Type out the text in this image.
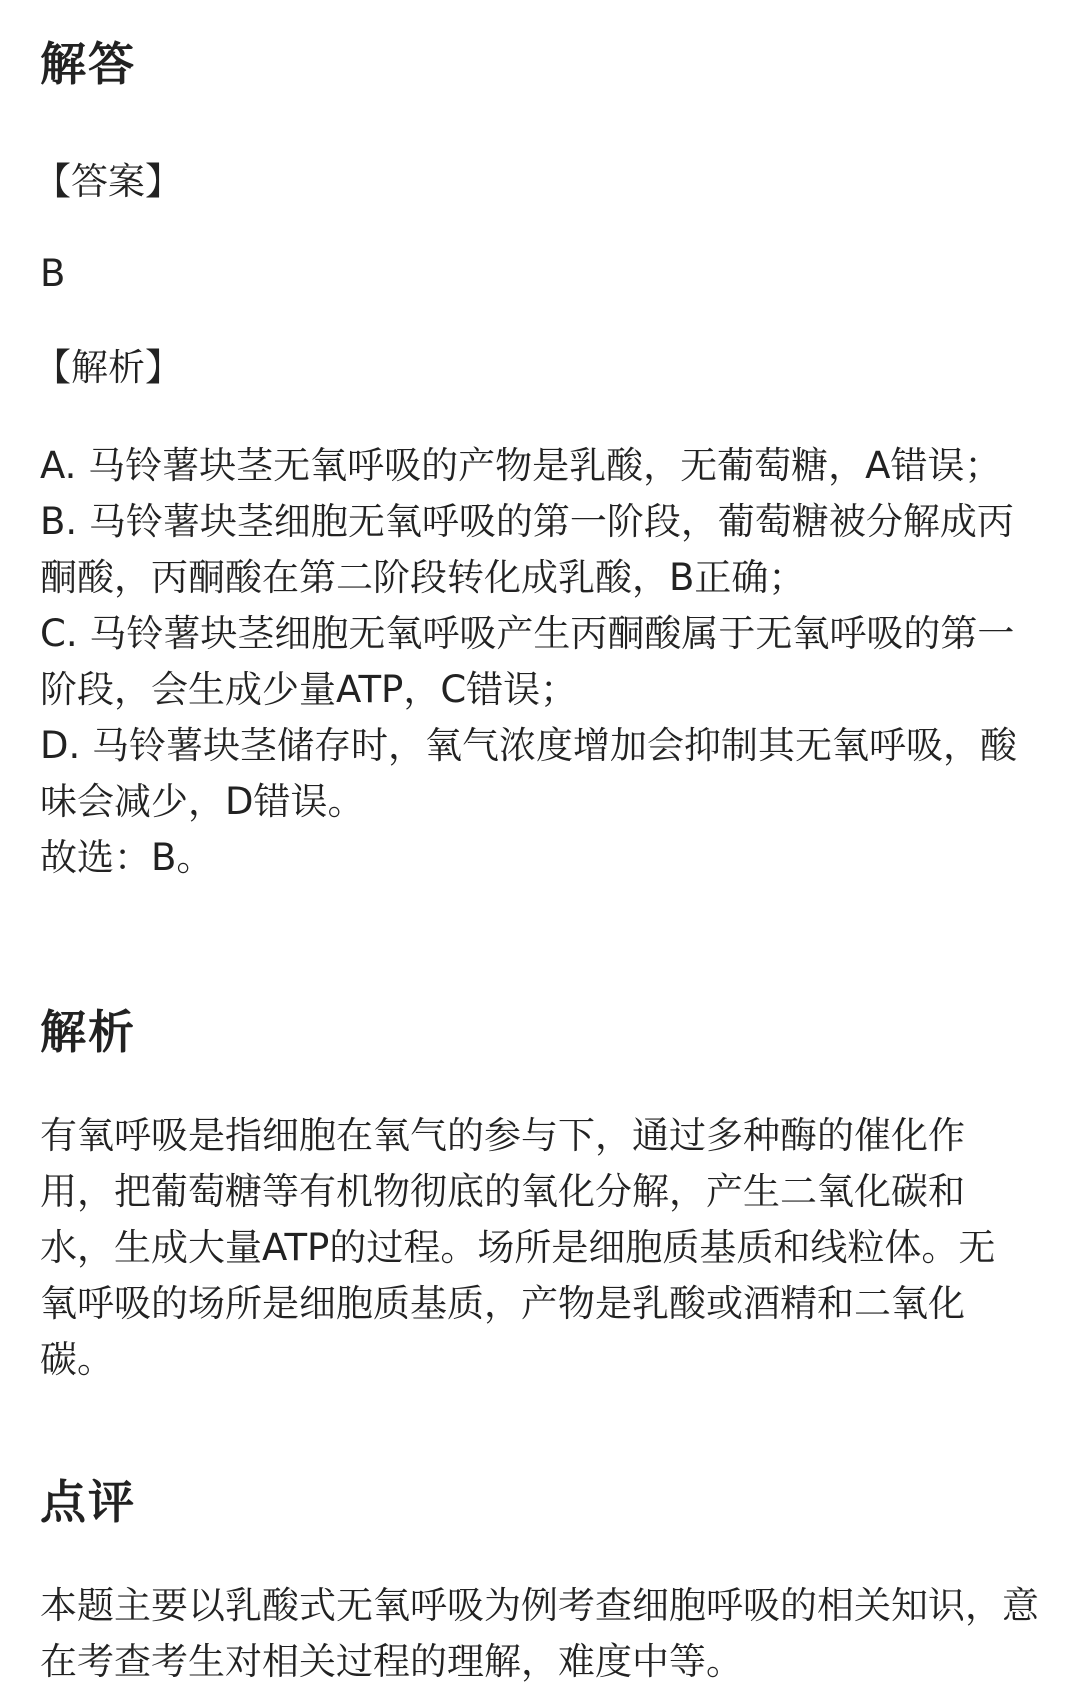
解答

【答案】

B

【解析】

A. 马铃薯块茎无氧呼吸的产物是乳酸，无葡萄糖，A错误；
B. 马铃薯块茎细胞无氧呼吸的第一阶段，葡萄糖被分解成丙酮酸，丙酮酸在第二阶段转化成乳酸，B正确；
C. 马铃薯块茎细胞无氧呼吸产生丙酮酸属于无氧呼吸的第一阶段，会生成少量ATP，C错误；
D. 马铃薯块茎储存时，氧气浓度增加会抑制其无氧呼吸，酸味会减少，D错误。
故选：B。
解析

有氧呼吸是指细胞在氧气的参与下，通过多种酶的催化作用，把葡萄糖等有机物彻底的氧化分解，产生二氧化碳和水，生成大量ATP的过程。场所是细胞质基质和线粒体。无氧呼吸的场所是细胞质基质，产物是乳酸或酒精和二氧化碳。

点评

本题主要以乳酸式无氧呼吸为例考查细胞呼吸的相关知识，意在考查考生对相关过程的理解，难度中等。
